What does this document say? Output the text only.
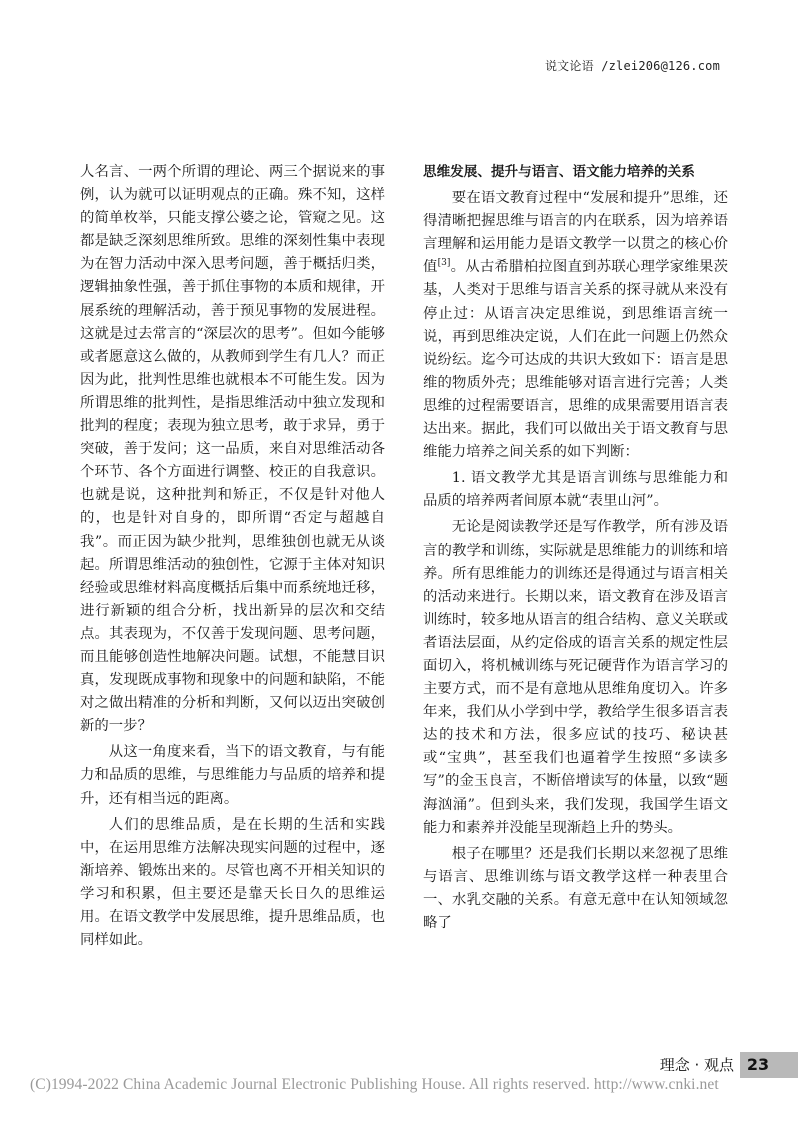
说文论语 /zlei206@126.com

人名言、一两个所谓的理论、两三个据说来的事例，认为就可以证明观点的正确。殊不知，这样的简单枚举，只能支撑公婆之论，管窥之见。这都是缺乏深刻思维所致。思维的深刻性集中表现为在智力活动中深入思考问题，善于概括归类，逻辑抽象性强，善于抓住事物的本质和规律，开展系统的理解活动，善于预见事物的发展进程。这就是过去常言的“深层次的思考”。但如今能够或者愿意这么做的，从教师到学生有几人？而正因为此，批判性思维也就根本不可能生发。因为所谓思维的批判性，是指思维活动中独立发现和批判的程度；表现为独立思考，敢于求异，勇于突破，善于发问；这一品质，来自对思维活动各个环节、各个方面进行调整、校正的自我意识。也就是说，这种批判和矫正，不仅是针对他人的，也是针对自身的，即所谓“否定与超越自我”。而正因为缺少批判，思维独创也就无从谈起。所谓思维活动的独创性，它源于主体对知识经验或思维材料高度概括后集中而系统地迁移，进行新颖的组合分析，找出新异的层次和交结点。其表现为，不仅善于发现问题、思考问题，而且能够创造性地解决问题。试想，不能慧目识真，发现既成事物和现象中的问题和缺陷，不能对之做出精准的分析和判断，又何以迈出突破创新的一步？

从这一角度来看，当下的语文教育，与有能力和品质的思维，与思维能力与品质的培养和提升，还有相当远的距离。

人们的思维品质，是在长期的生活和实践中，在运用思维方法解决现实问题的过程中，逐渐培养、锻炼出来的。尽管也离不开相关知识的学习和积累，但主要还是靠天长日久的思维运用。在语文教学中发展思维，提升思维品质，也同样如此。

思维发展、提升与语言、语文能力培养的关系

要在语文教育过程中“发展和提升”思维，还得清晰把握思维与语言的内在联系，因为培养语言理解和运用能力是语文教学一以贯之的核心价值[3]。从古希腊柏拉图直到苏联心理学家维果茨基，人类对于思维与语言关系的探寻就从来没有停止过：从语言决定思维说，到思维语言统一说，再到思维决定说，人们在此一问题上仍然众说纷纭。迄今可达成的共识大致如下：语言是思维的物质外壳；思维能够对语言进行完善；人类思维的过程需要语言，思维的成果需要用语言表达出来。据此，我们可以做出关于语文教育与思维能力培养之间关系的如下判断：

1. 语文教学尤其是语言训练与思维能力和品质的培养两者间原本就“表里山河”。

无论是阅读教学还是写作教学，所有涉及语言的教学和训练，实际就是思维能力的训练和培养。所有思维能力的训练还是得通过与语言相关的活动来进行。长期以来，语文教育在涉及语言训练时，较多地从语言的组合结构、意义关联或者语法层面，从约定俗成的语言关系的规定性层面切入，将机械训练与死记硬背作为语言学习的主要方式，而不是有意地从思维角度切入。许多年来，我们从小学到中学，教给学生很多语言表达的技术和方法，很多应试的技巧、秘诀甚或“宝典”，甚至我们也逼着学生按照“多读多写”的金玉良言，不断倍增读写的体量，以致“题海汹涌”。但到头来，我们发现，我国学生语文能力和素养并没能呈现渐趋上升的势头。

根子在哪里？还是我们长期以来忽视了思维与语言、思维训练与语文教学这样一种表里合一、水乳交融的关系。有意无意中在认知领域忽略了

理念 · 观点 23
(C)1994-2022 China Academic Journal Electronic Publishing House. All rights reserved. http://www.cnki.net
